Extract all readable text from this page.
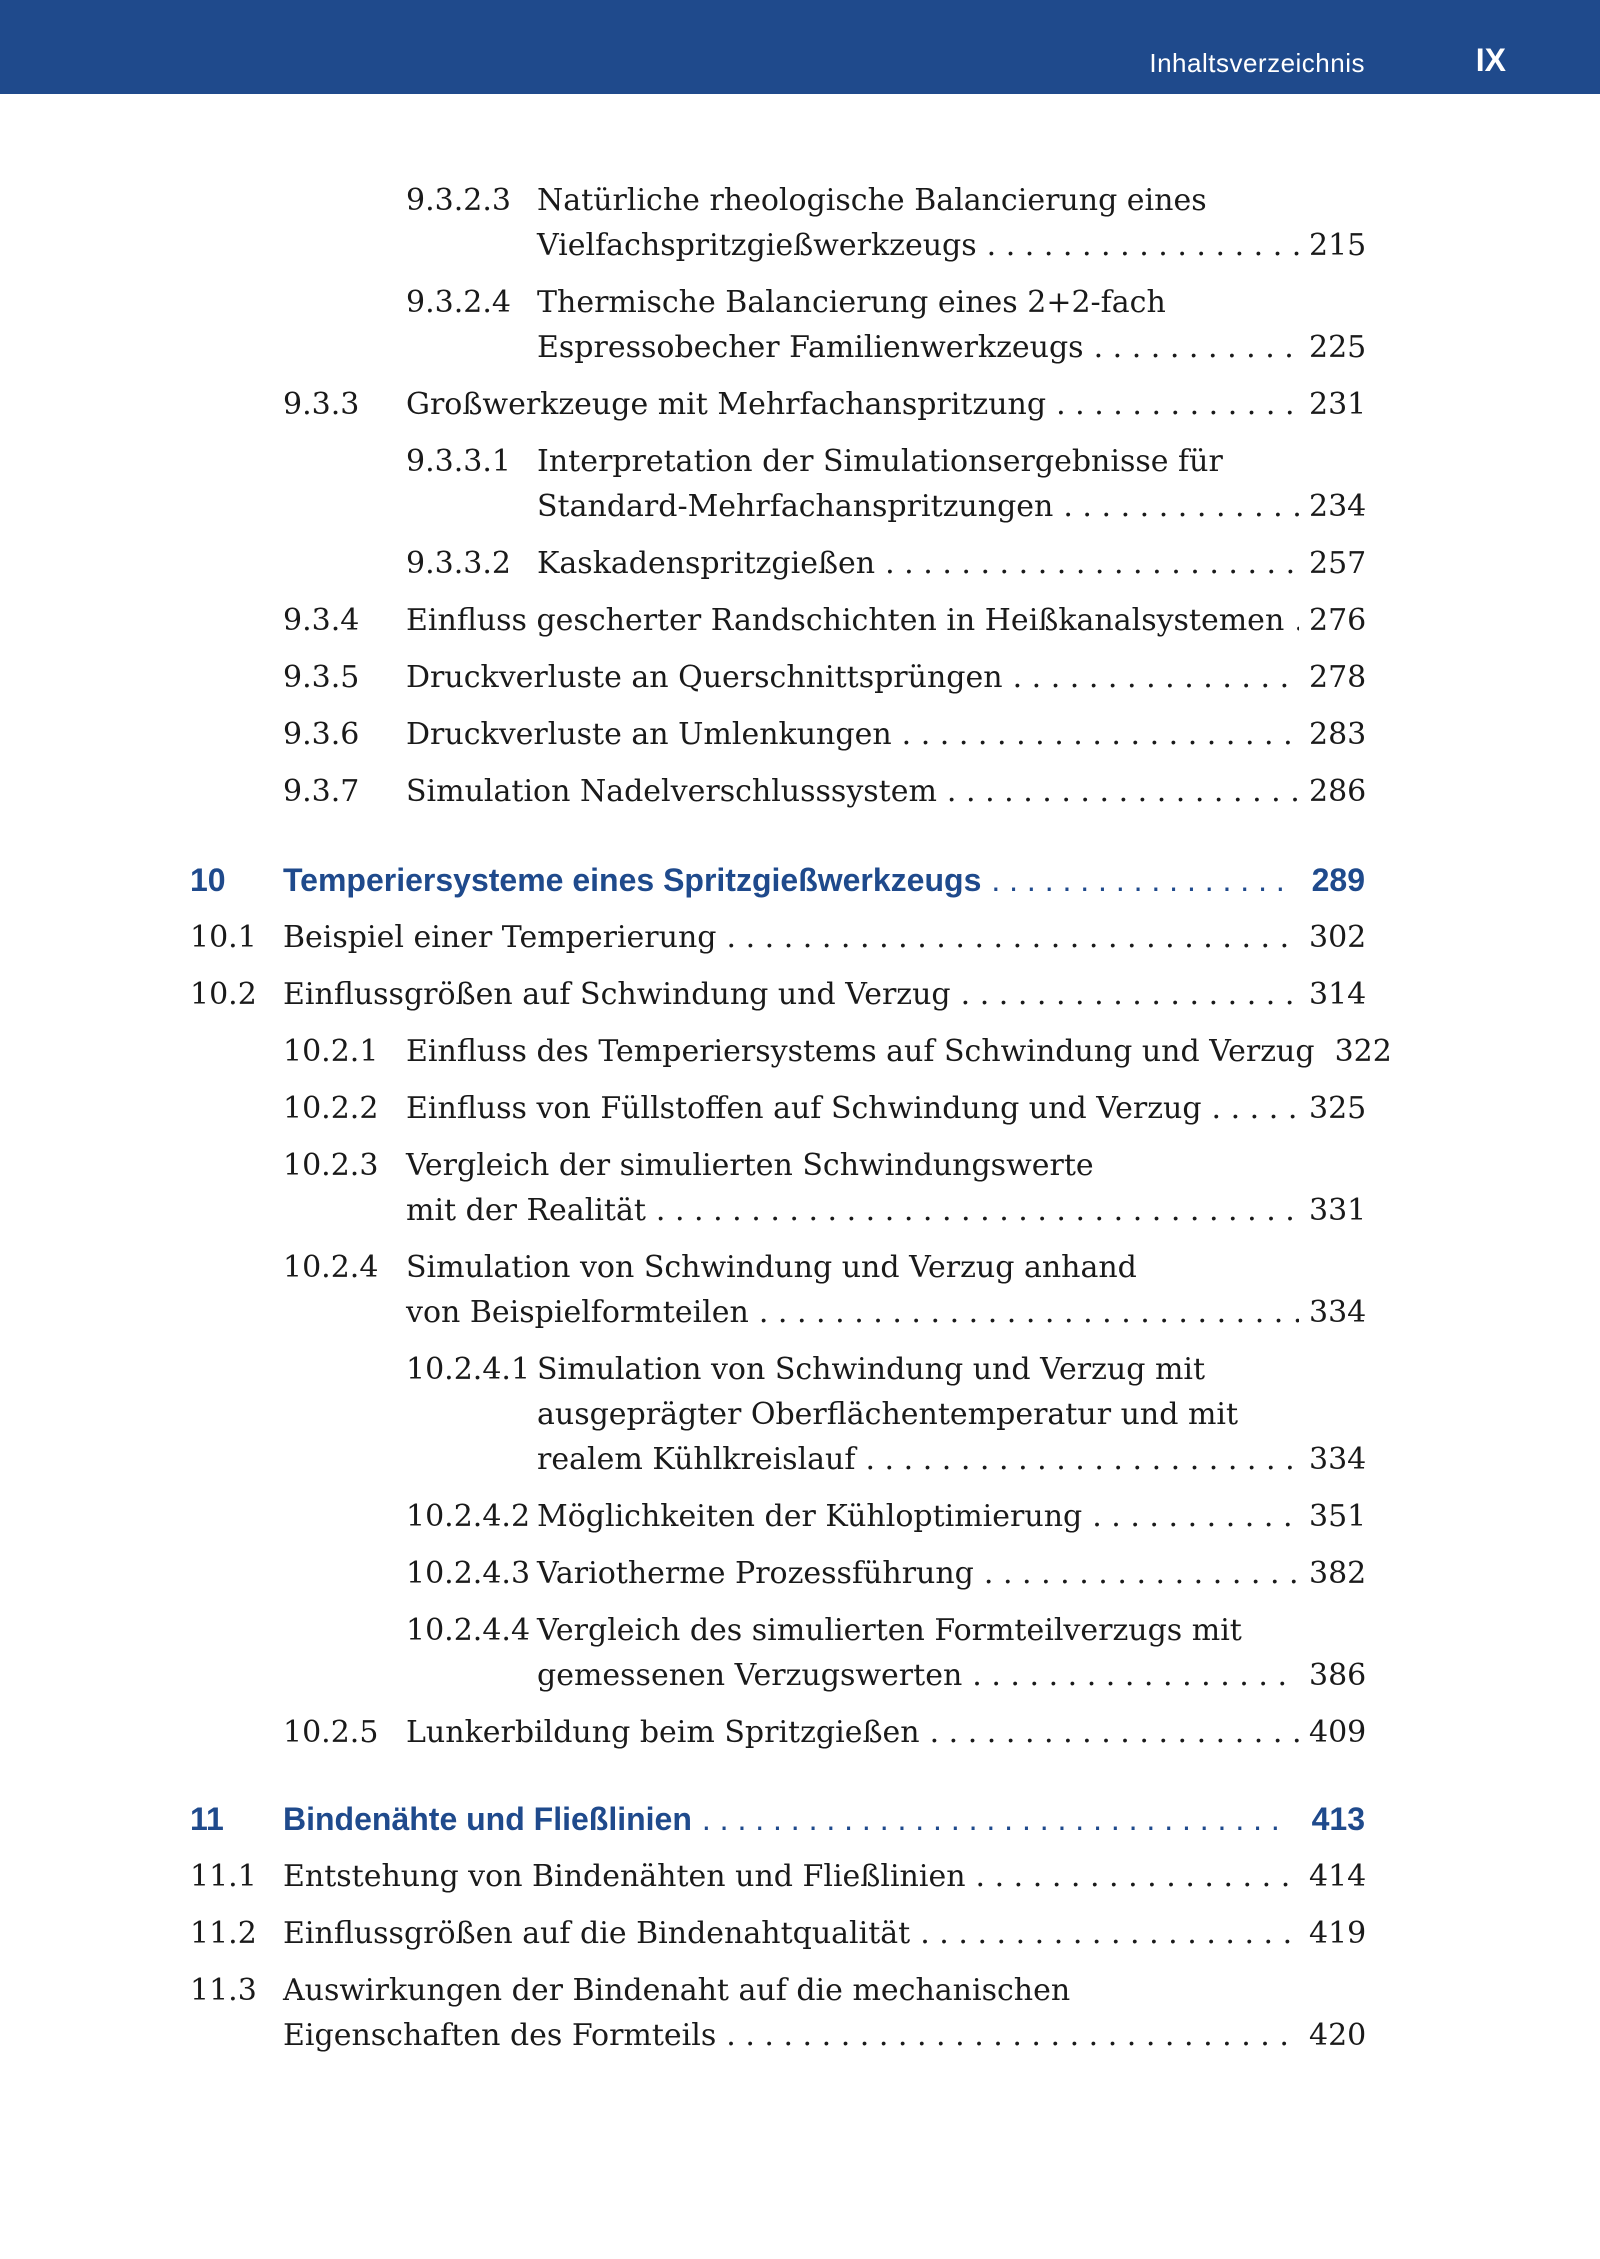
Inhaltsverzeichnis	IX
9.3.2.3 Natürliche rheologische Balancierung eines
Vielfachspritzgießwerkzeugs . . .	215
9.3.2.4 Thermische Balancierung eines 2+2-fach
Espressobecher Familienwerkzeugs . . .	225
9.3.3 Großwerkzeuge mit Mehrfachanspritzung . . .	231
9.3.3.1 Interpretation der Simulationsergebnisse für
Standard-Mehrfachanspritzungen . . .	234
9.3.3.2 Kaskadenspritzgießen . . .	257
9.3.4 Einfluss gescherter Randschichten in Heißkanalsystemen . . . 276
9.3.5 Druckverluste an Querschnittsprüngen . . .	278
9.3.6 Druckverluste an Umlenkungen . . .	283
9.3.7 Simulation Nadelverschlusssystem . . .	286
10 Temperiersysteme eines Spritzgießwerkzeugs . . .	289
10.1 Beispiel einer Temperierung . . .	302
10.2 Einflussgrößen auf Schwindung und Verzug . . .	314
10.2.1 Einfluss des Temperiersystems auf Schwindung und Verzug 322
10.2.2 Einfluss von Füllstoffen auf Schwindung und Verzug . . .	325
10.2.3 Vergleich der simulierten Schwindungswerte
mit der Realität . . .	331
10.2.4 Simulation von Schwindung und Verzug anhand
von Beispielformteilen . . .	334
10.2.4.1 Simulation von Schwindung und Verzug mit
ausgeprägter Oberflächentemperatur und mit
realem Kühlkreislauf . . .	334
10.2.4.2 Möglichkeiten der Kühloptimierung . . .	351
10.2.4.3 Variotherme Prozessführung . . .	382
10.2.4.4 Vergleich des simulierten Formteilverzugs mit
gemessenen Verzugswerten . . .	386
10.2.5 Lunkerbildung beim Spritzgießen . . .	409
11 Bindenähte und Fließlinien . . .	413
11.1 Entstehung von Bindenähten und Fließlinien . . .	414
11.2 Einflussgrößen auf die Bindenahtqualität . . .	419
11.3 Auswirkungen der Bindenaht auf die mechanischen
Eigenschaften des Formteils . . .	420
